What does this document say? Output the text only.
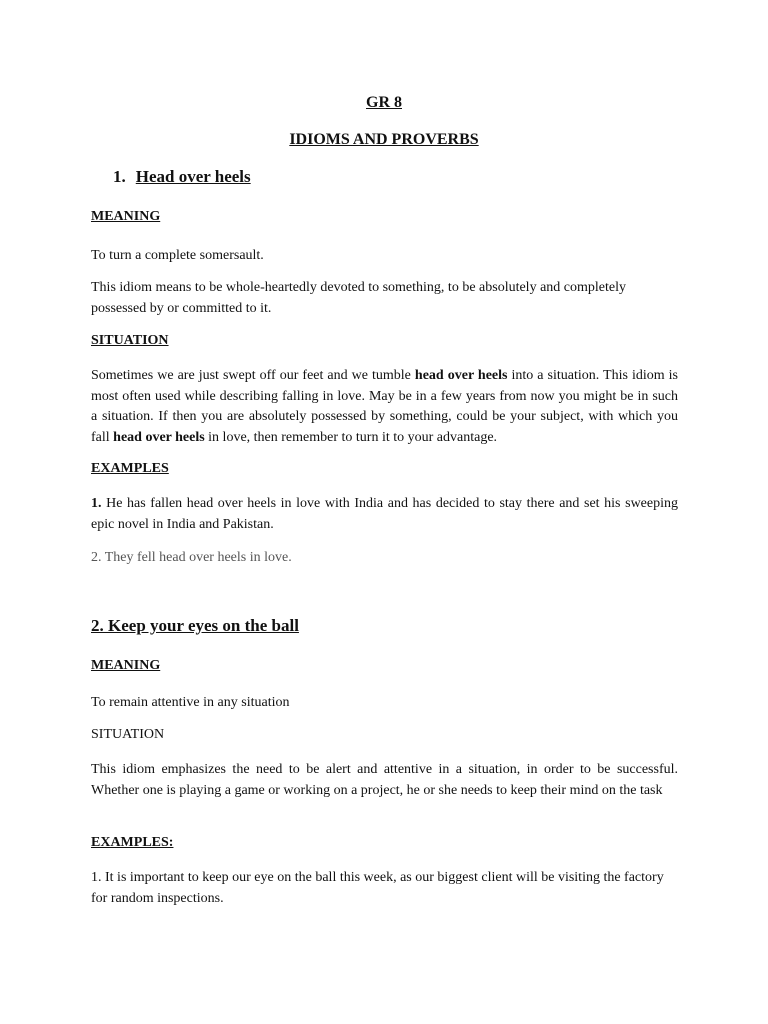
GR 8

IDIOMS AND PROVERBS

1. Head over heels

MEANING

To turn a complete somersault.

This idiom means to be whole-heartedly devoted to something, to be absolutely and completely possessed by or committed to it.

SITUATION

Sometimes we are just swept off our feet and we tumble head over heels into a situation. This idiom is most often used while describing falling in love. May be in a few years from now you might be in such a situation. If then you are absolutely possessed by something, could be your subject, with which you fall head over heels in love, then remember to turn it to your advantage.

EXAMPLES

1. He has fallen head over heels in love with India and has decided to stay there and set his sweeping epic novel in India and Pakistan.

2. They fell head over heels in love.

2. Keep your eyes on the ball

MEANING

To remain attentive in any situation

SITUATION

This idiom emphasizes the need to be alert and attentive in a situation, in order to be successful. Whether one is playing a game or working on a project, he or she needs to keep their mind on the task

EXAMPLES:

1. It is important to keep our eye on the ball this week, as our biggest client will be visiting the factory for random inspections.
